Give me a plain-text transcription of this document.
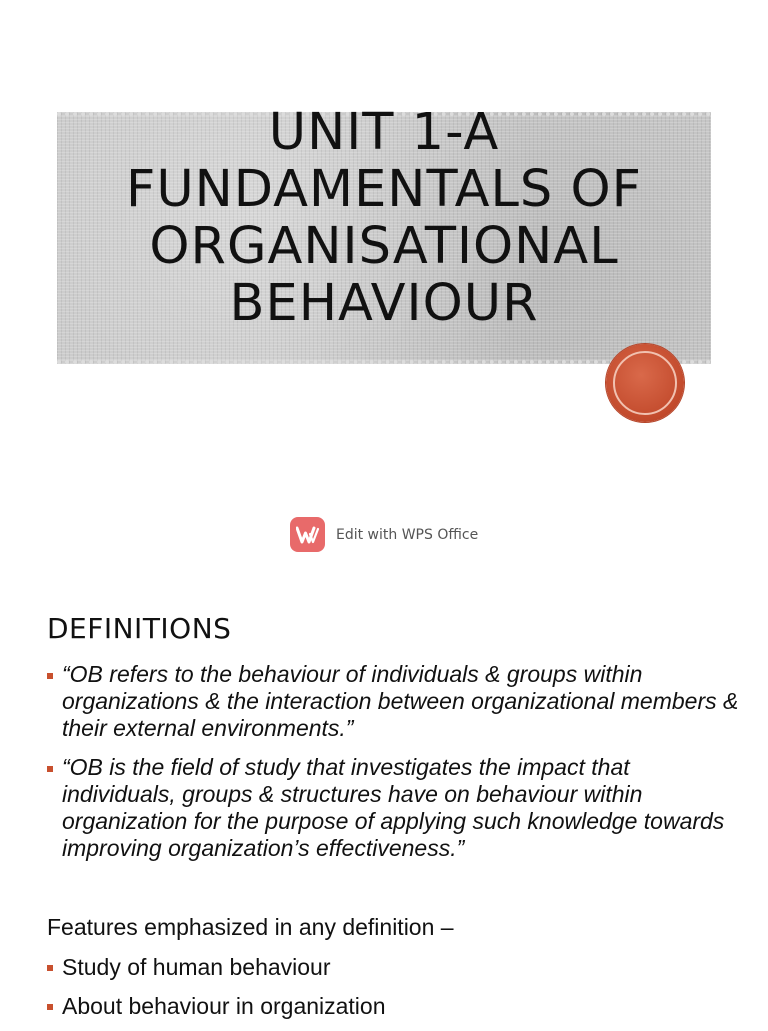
UNIT 1-A
FUNDAMENTALS OF
ORGANISATIONAL
BEHAVIOUR
Edit with WPS Office
DEFINITIONS
“OB refers to the behaviour of individuals & groups within organizations & the interaction between organizational members & their external environments.”
“OB is the field of study that investigates the impact that individuals, groups & structures have on behaviour within organization for the purpose of applying such knowledge towards improving organization’s effectiveness.”

Features emphasized in any definition –

Study of human behaviour
About behaviour in organization
